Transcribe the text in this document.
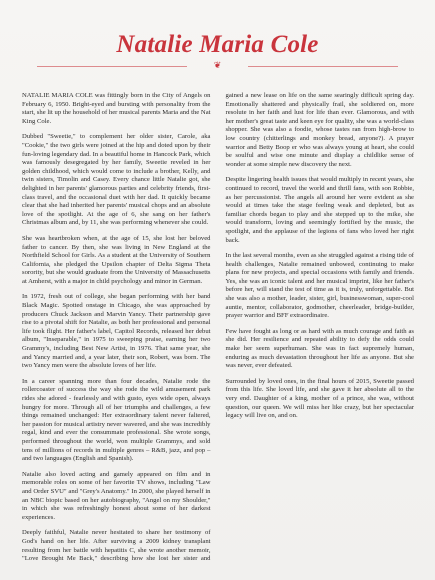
Natalie Maria Cole
❦

NATALIE MARIA COLE was fittingly born in the City of Angels on February 6, 1950. Bright-eyed and bursting with personality from the start, she lit up the household of her musical parents Maria and the Nat King Cole.

Dubbed "Sweetie," to complement her older sister, Carole, aka "Cookie," the two girls were joined at the hip and doted upon by their fun-loving legendary dad. In a beautiful home in Hancock Park, which was famously desegregated by her family, Sweetie reveled in her golden childhood, which would come to include a brother, Kelly, and twin sisters, Timolin and Casey. Every chance little Natalie got, she delighted in her parents' glamorous parties and celebrity friends, first-class travel, and the occasional duet with her dad. It quickly became clear that she had inherited her parents' musical chops and an absolute love of the spotlight. At the age of 6, she sang on her father's Christmas album and, by 11, she was performing whenever she could.

She was heartbroken when, at the age of 15, she lost her beloved father to cancer. By then, she was living in New England at the Northfield School for Girls. As a student at the University of Southern California, she pledged the Upsilon chapter of Delta Sigma Theta sorority, but she would graduate from the University of Massachusetts at Amherst, with a major in child psychology and minor in German.

In 1972, fresh out of college, she began performing with her band Black Magic. Spotted onstage in Chicago, she was approached by producers Chuck Jackson and Marvin Yancy. Their partnership gave rise to a pivotal shift for Natalie, as both her professional and personal life took flight. Her father's label, Capitol Records, released her debut album, "Inseparable," in 1975 to sweeping praise, earning her two Grammy's, including Best New Artist, in 1976. That same year, she and Yancy married and, a year later, their son, Robert, was born. The two Yancy men were the absolute loves of her life.

In a career spanning more than four decades, Natalie rode the rollercoaster of success the way she rode the wild amusement park rides she adored - fearlessly and with gusto, eyes wide open, always hungry for more. Through all of her triumphs and challenges, a few things remained unchanged: Her extraordinary talent never faltered, her passion for musical artistry never wavered, and she was incredibly regal, kind and ever the consummate professional. She wrote songs, performed throughout the world, won multiple Grammys, and sold tens of millions of records in multiple genres – R&B, jazz, and pop – and two languages (English and Spanish).

Natalie also loved acting and gamely appeared on film and in memorable roles on some of her favorite TV shows, including "Law and Order SVU" and "Grey's Anatomy." In 2000, she played herself in an NBC biopic based on her autobiography, "Angel on my Shoulder," in which she was refreshingly honest about some of her darkest experiences.

Deeply faithful, Natalie never hesitated to share her testimony of God's hand on her life. After surviving a 2009 kidney transplant resulting from her battle with hepatitis C, she wrote another memoir, "Love Brought Me Back," describing how she lost her sister and gained a new lease on life on the same searingly difficult spring day. Emotionally shattered and physically frail, she soldiered on, more resolute in her faith and lust for life than ever. Glamorous, and with her mother's great taste and keen eye for quality, she was a world-class shopper. She was also a foodie, whose tastes ran from high-brow to low country (chitterlings and monkey bread, anyone?). A prayer warrior and Betty Boop er who was always young at heart, she could be soulful and wise one minute and display a childlike sense of wonder at some simple new discovery the next.

Despite lingering health issues that would multiply in recent years, she continued to record, travel the world and thrill fans, with son Robbie, as her percussionist. The angels all around her were evident as she would at times take the stage feeling weak and depleted, but as familiar chords began to play and she stepped up to the mike, she would transform, loving and seemingly fortified by the music, the spotlight, and the applause of the legions of fans who loved her right back.

In the last several months, even as she struggled against a rising tide of health challenges, Natalie remained unbowed, continuing to make plans for new projects, and special occasions with family and friends. Yes, she was an iconic talent and her musical imprint, like her father's before her, will stand the test of time as it is, truly, unforgettable. But she was also a mother, leader, sister, girl, businesswoman, super-cool auntie, mentor, collaborator, godmother, cheerleader, bridge-builder, prayer warrior and BFF extraordinaire.

Few have fought as long or as hard with as much courage and faith as she did. Her resilience and repeated ability to defy the odds could make her seem superhuman. She was in fact supremely human, enduring as much devastation throughout her life as anyone. But she was never, ever defeated.

Surrounded by loved ones, in the final hours of 2015, Sweetie passed from this life. She loved life, and she gave it her absolute all to the very end. Daughter of a king, mother of a prince, she was, without question, our queen. We will miss her like crazy, but her spectacular legacy will live on, and on.
